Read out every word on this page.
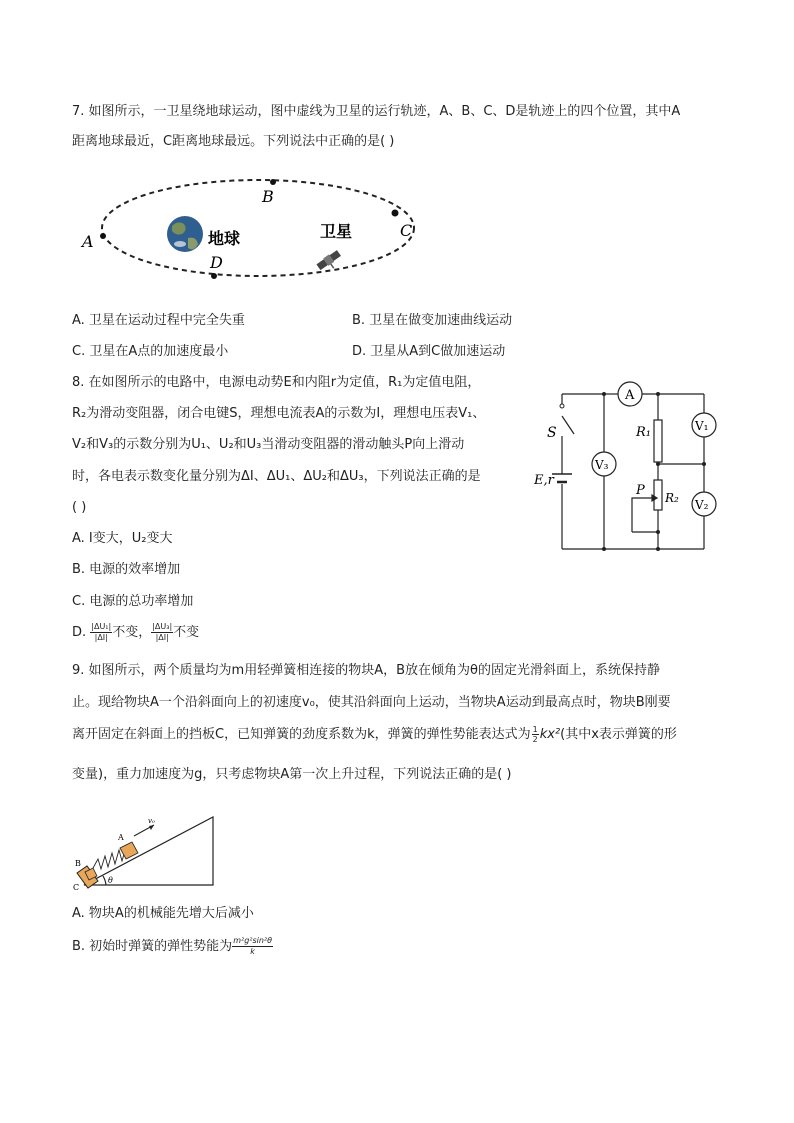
7. 如图所示，一卫星绕地球运动，图中虚线为卫星的运行轨迹，A、B、C、D是轨迹上的四个位置，其中A
距离地球最近，C距离地球最远。下列说法中正确的是( )
A
B
C
D
地球	卫星
A. 卫星在运动过程中完全失重	B. 卫星在做变加速曲线运动
C. 卫星在A点的加速度最小	D. 卫星从A到C做加速运动
8. 在如图所示的电路中，电源电动势E和内阻r为定值，R₁为定值电阻，
R₂为滑动变阻器，闭合电键S，理想电流表A的示数为I，理想电压表V₁、
V₂和V₃的示数分别为U₁、U₂和U₃当滑动变阻器的滑动触头P向上滑动
时，各电表示数变化量分别为ΔI、ΔU₁、ΔU₂和ΔU₃，下列说法正确的是
( )
A. I变大，U₂变大
B. 电源的效率增加
C. 电源的总功率增加
D. $\frac{\text{|ΔU₁|}}{|\Delta I|}$ 不变， $\frac{\text{|ΔU₃|}}{|\Delta I|}$ 不变
A
V₃
V₁
V₂
S
E,r
R₁
R₂
P
9. 如图所示，两个质量均为m用轻弹簧相连接的物块A，B放在倾角为θ的固定光滑斜面上，系统保持静
止。现给物块A一个沿斜面向上的初速度v₀，使其沿斜面向上运动，当物块A运动到最高点时，物块B刚要
离开固定在斜面上的挡板C，已知弹簧的劲度系数为k，弹簧的弹性势能表达式为 $\frac{1}{2} kx^2$ (其中x表示弹簧的形
变量)，重力加速度为g，只考虑物块A第一次上升过程，下列说法正确的是( )
B
A
C
θ
v₀
A. 物块A的机械能先增大后减小
B. 初始时弹簧的弹性势能为 $\frac{\text{m²g²sin²θ}}{k}$
